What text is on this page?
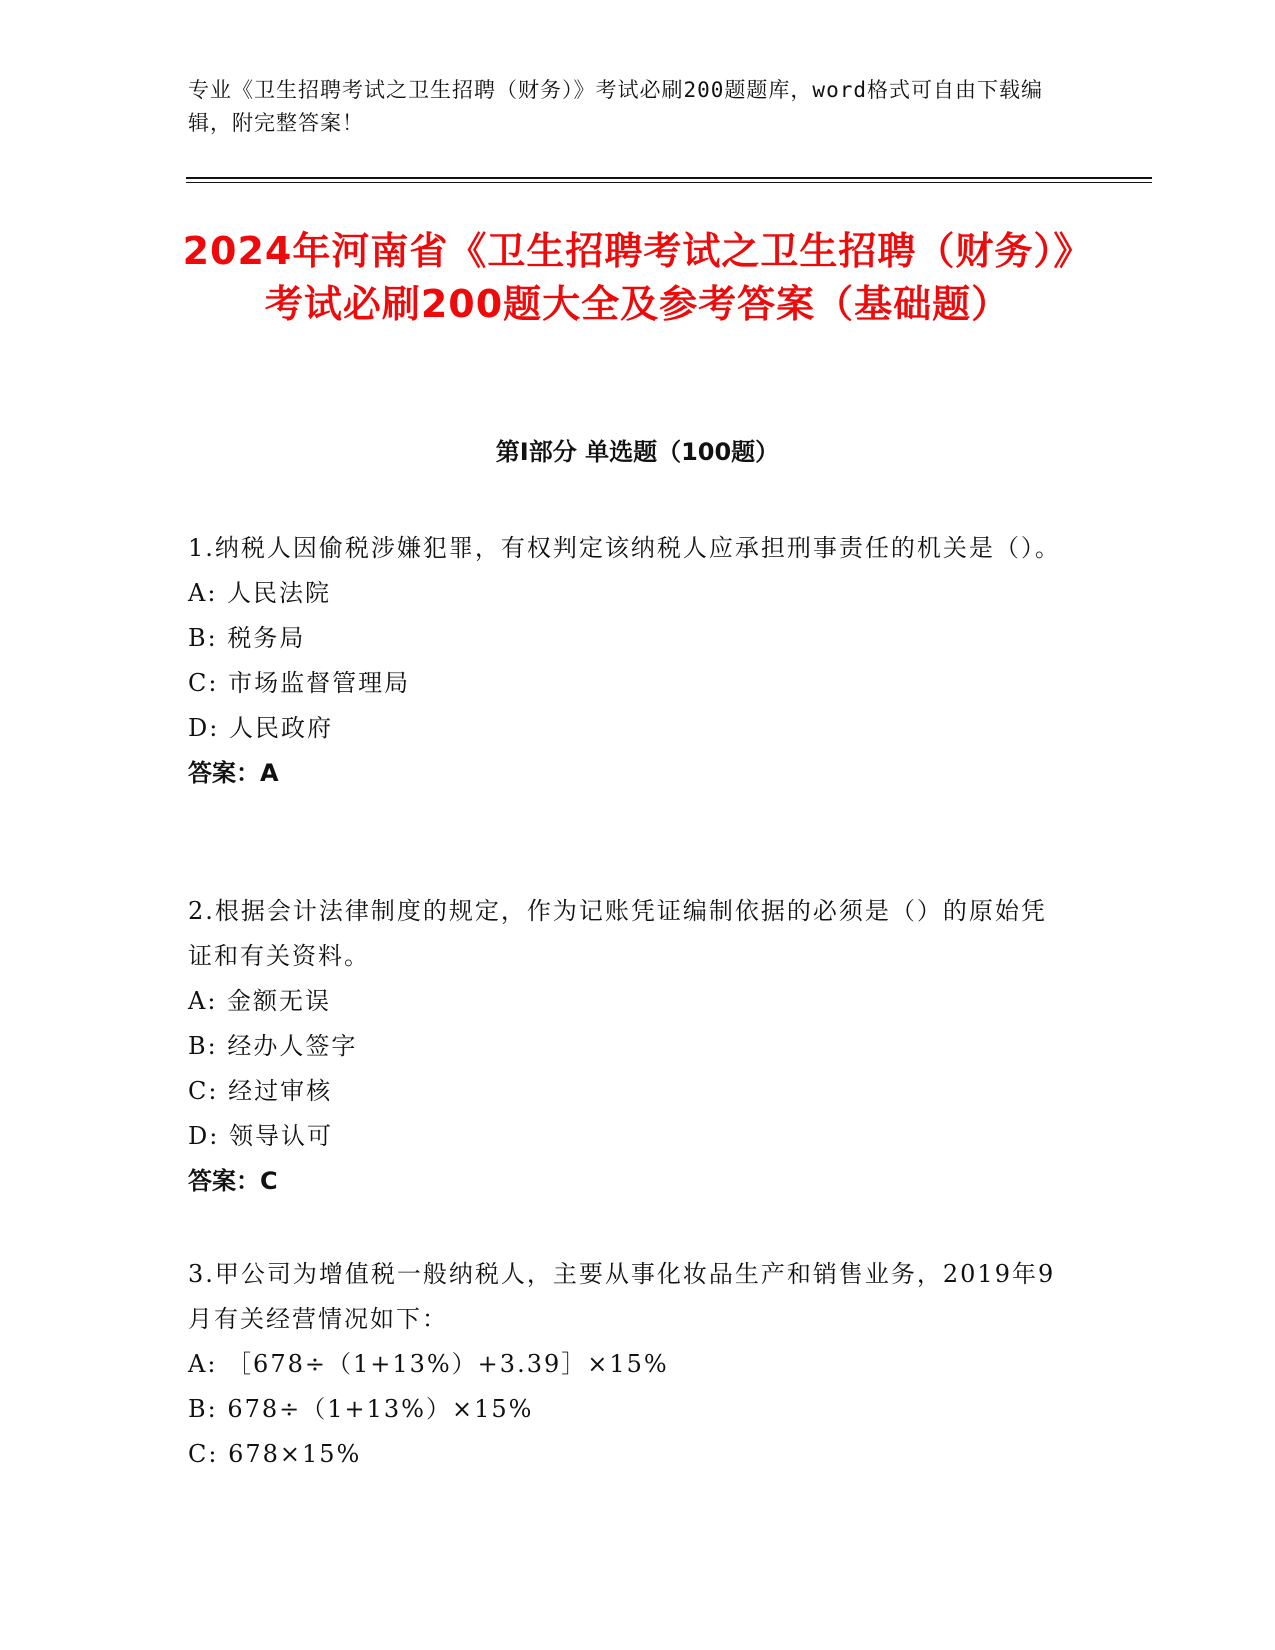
专业《卫生招聘考试之卫生招聘（财务）》考试必刷200题题库，word格式可自由下载编辑，附完整答案！

2024年河南省《卫生招聘考试之卫生招聘（财务）》考试必刷200题大全及参考答案（基础题）
第Ⅰ部分 单选题（100题）

1.纳税人因偷税涉嫌犯罪，有权判定该纳税人应承担刑事责任的机关是（）。

A: 人民法院

B: 税务局

C: 市场监督管理局

D: 人民政府

答案：A

2.根据会计法律制度的规定，作为记账凭证编制依据的必须是（）的原始凭证和有关资料。

A: 金额无误

B: 经办人签字

C: 经过审核

D: 领导认可

答案：C

3.甲公司为增值税一般纳税人，主要从事化妆品生产和销售业务，2019年9月有关经营情况如下：

A: ［678÷（1+13%）+3.39］×15%

B: 678÷（1+13%）×15%

C: 678×15%
